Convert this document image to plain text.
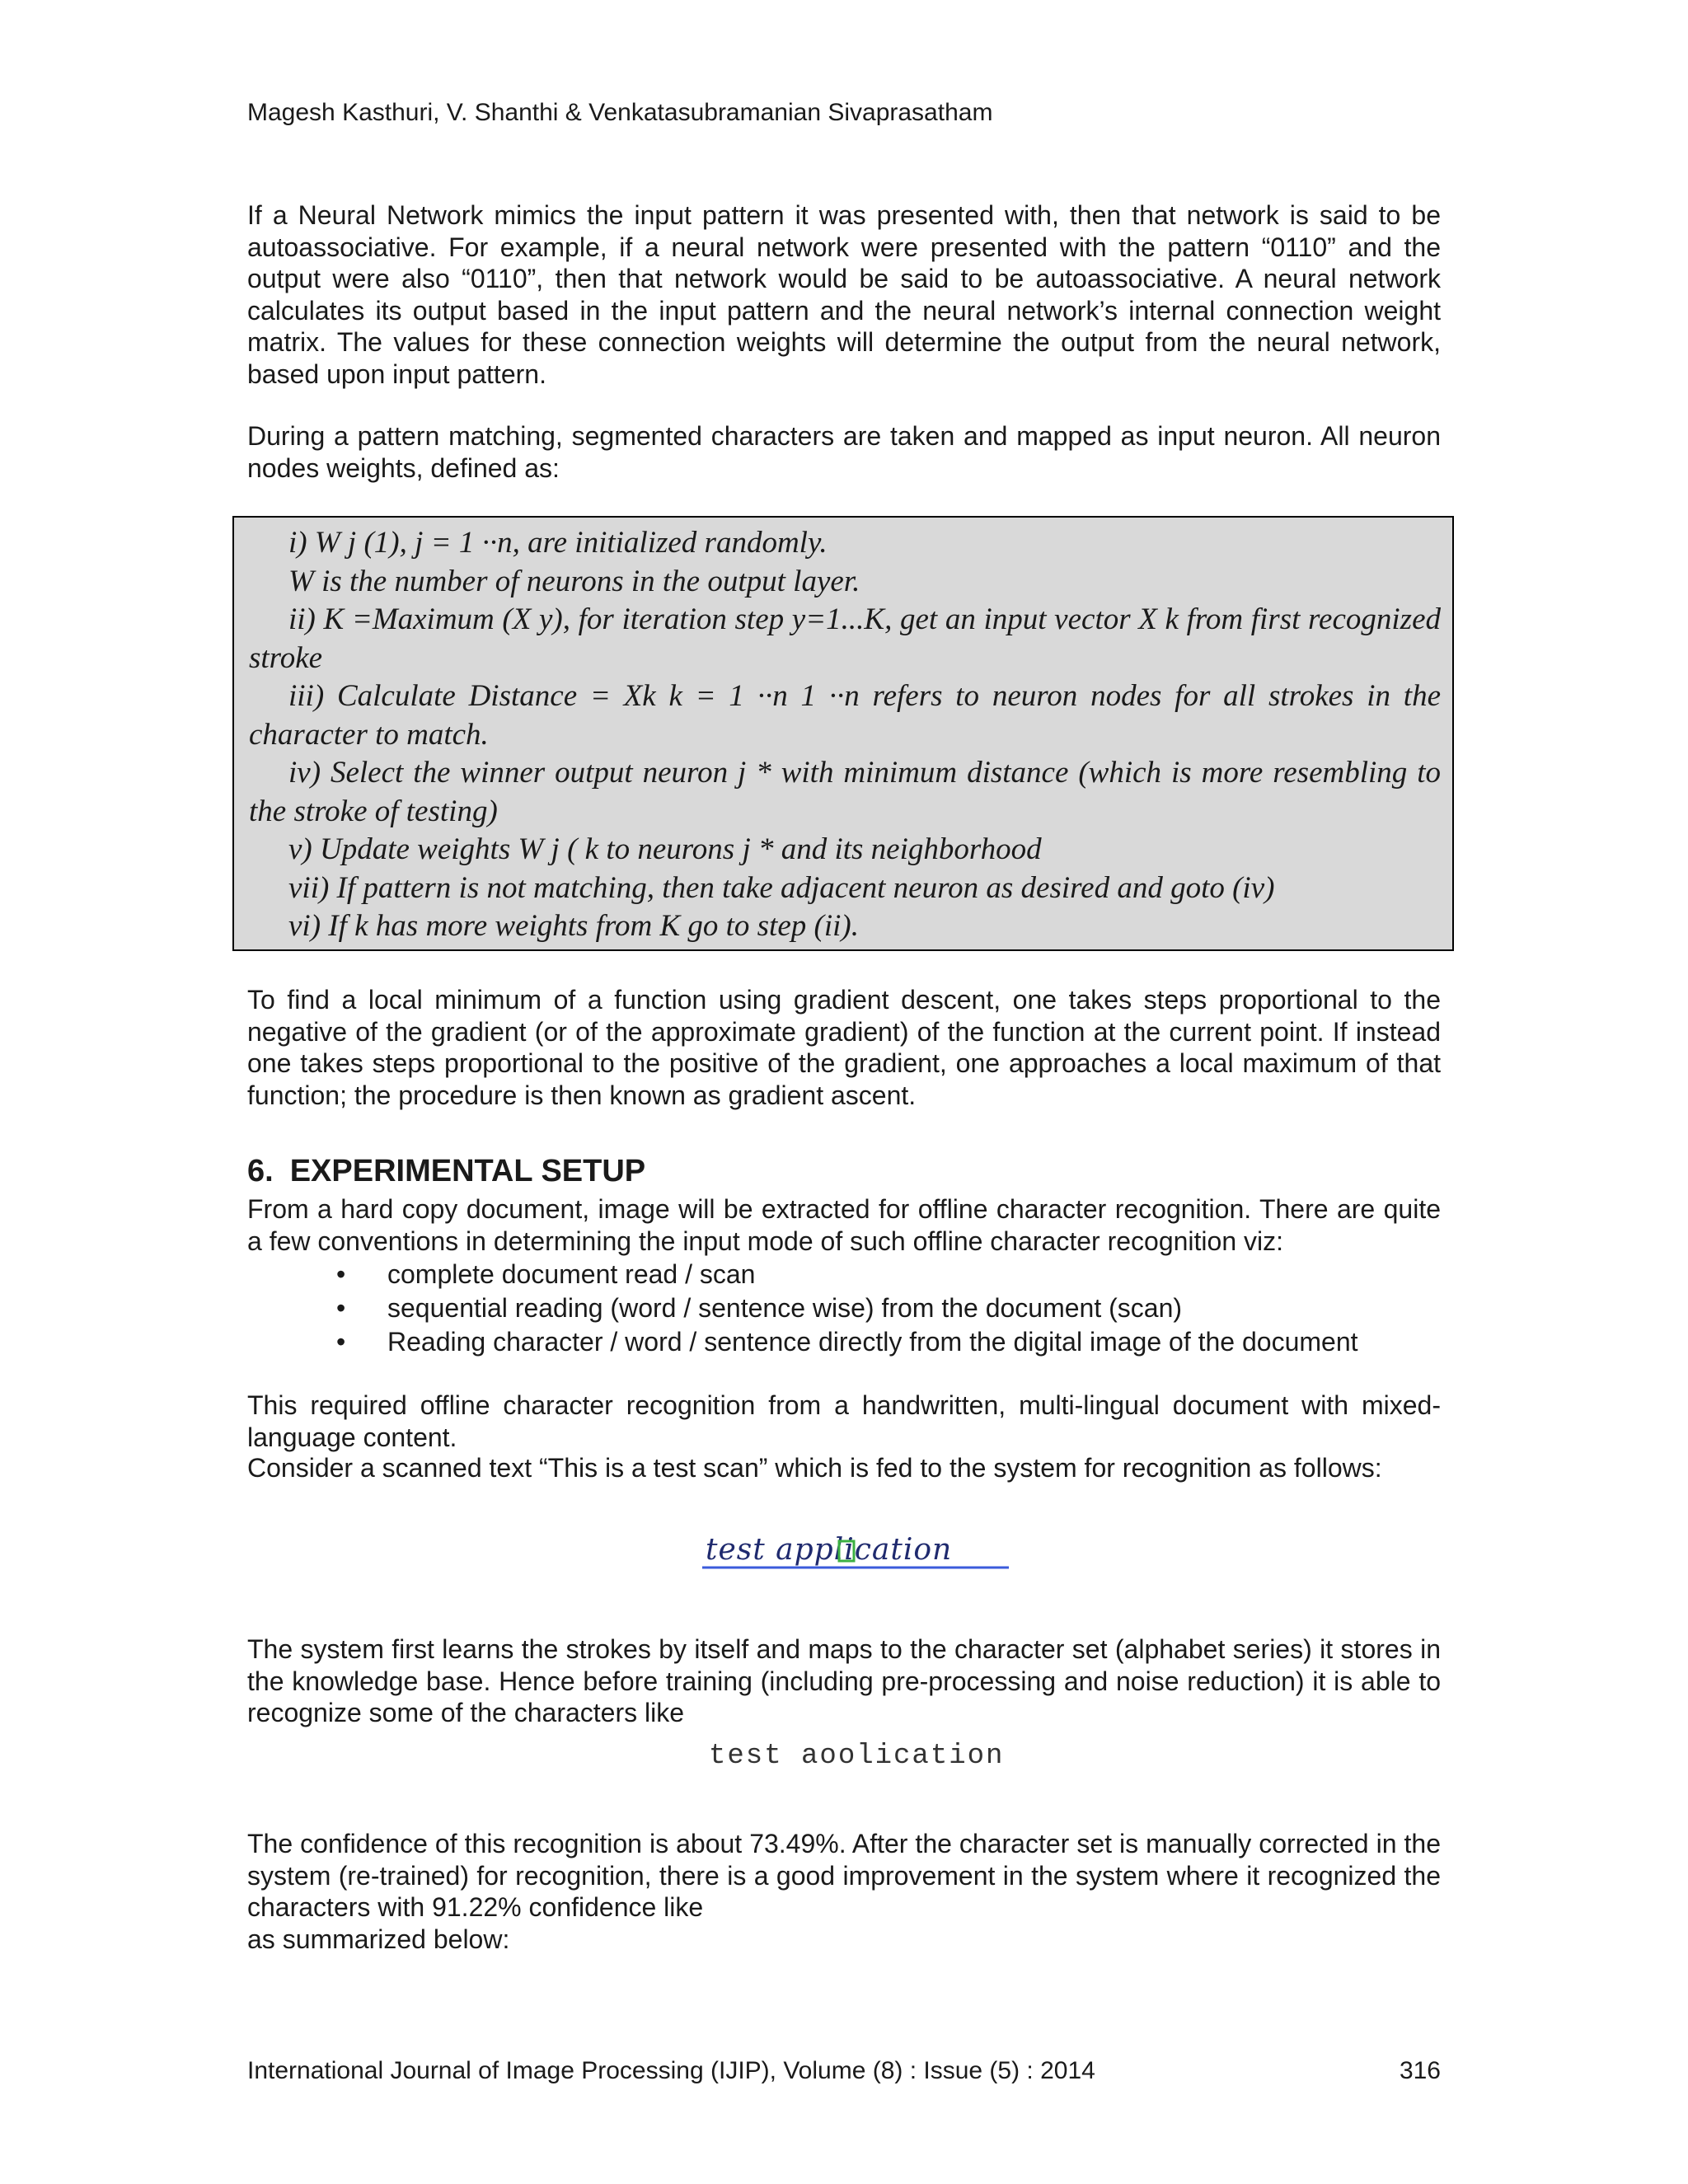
Magesh Kasthuri, V. Shanthi & Venkatasubramanian Sivaprasatham
If a Neural Network mimics the input pattern it was presented with, then that network is said to be autoassociative. For example, if a neural network were presented with the pattern “0110” and the output were also “0110”, then that network would be said to be autoassociative. A neural network calculates its output based in the input pattern and the neural network’s internal connection weight matrix. The values for these connection weights will determine the output from the neural network, based upon input pattern.
During a pattern matching, segmented characters are taken and mapped as input neuron. All neuron nodes weights, defined as:

i) W j (1), j = 1 ··n, are initialized randomly.

W is the number of neurons in the output layer.

ii) K =Maximum (X y), for iteration step y=1...K, get an input vector X k from first recognized stroke

iii) Calculate Distance = Xk k = 1 ··n 1 ··n refers to neuron nodes for all strokes in the character to match.

iv) Select the winner output neuron j * with minimum distance (which is more resembling to the stroke of testing)

v) Update weights W j ( k to neurons j * and its neighborhood

vii) If pattern is not matching, then take adjacent neuron as desired and goto (iv)

vi) If k has more weights from K go to step (ii).

To find a local minimum of a function using gradient descent, one takes steps proportional to the negative of the gradient (or of the approximate gradient) of the function at the current point. If instead one takes steps proportional to the positive of the gradient, one approaches a local maximum of that function; the procedure is then known as gradient ascent.
6. EXPERIMENTAL SETUP
From a hard copy document, image will be extracted for offline character recognition. There are quite a few conventions in determining the input mode of such offline character recognition viz:
• complete document read / scan
• sequential reading (word / sentence wise) from the document (scan)
• Reading character / word / sentence directly from the digital image of the document
This required offline character recognition from a handwritten, multi-lingual document with mixed-language content.
Consider a scanned text “This is a test scan” which is fed to the system for recognition as follows:
test application
The system first learns the strokes by itself and maps to the character set (alphabet series) it stores in the knowledge base. Hence before training (including pre-processing and noise reduction) it is able to recognize some of the characters like
test aoolication
The confidence of this recognition is about 73.49%. After the character set is manually corrected in the system (re-trained) for recognition, there is a good improvement in the system where it recognized the characters with 91.22% confidence like
as summarized below:
International Journal of Image Processing (IJIP), Volume (8) : Issue (5) : 2014	316
